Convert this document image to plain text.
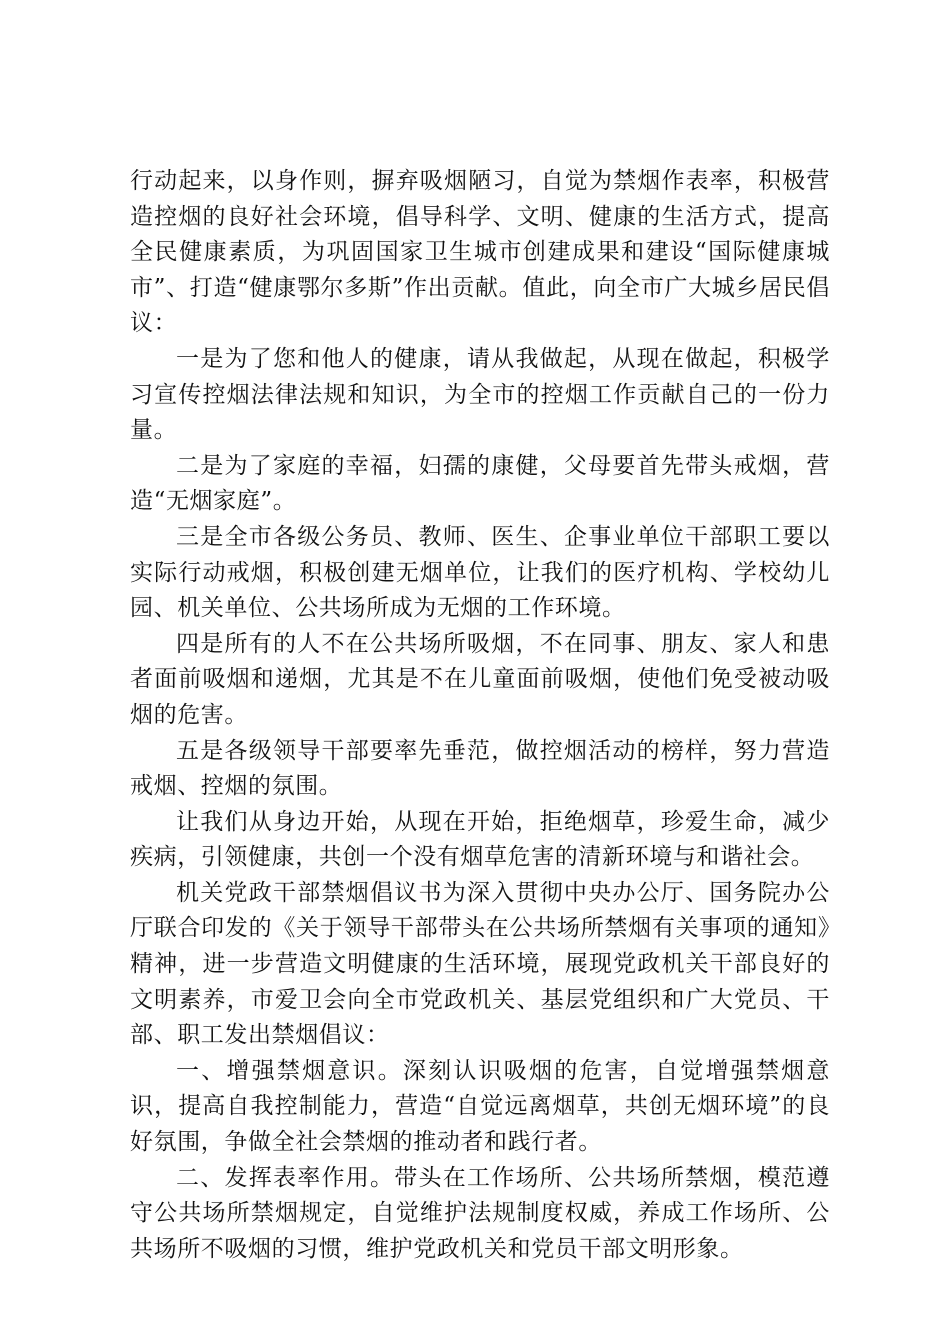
行动起来，以身作则，摒弃吸烟陋习，自觉为禁烟作表率，积极营造控烟的良好社会环境，倡导科学、文明、健康的生活方式，提高全民健康素质，为巩固国家卫生城市创建成果和建设“国际健康城市”、打造“健康鄂尔多斯”作出贡献。值此，向全市广大城乡居民倡议：

一是为了您和他人的健康，请从我做起，从现在做起，积极学习宣传控烟法律法规和知识，为全市的控烟工作贡献自己的一份力量。

二是为了家庭的幸福，妇孺的康健，父母要首先带头戒烟，营造“无烟家庭”。

三是全市各级公务员、教师、医生、企事业单位干部职工要以实际行动戒烟，积极创建无烟单位，让我们的医疗机构、学校幼儿园、机关单位、公共场所成为无烟的工作环境。

四是所有的人不在公共场所吸烟，不在同事、朋友、家人和患者面前吸烟和递烟，尤其是不在儿童面前吸烟，使他们免受被动吸烟的危害。

五是各级领导干部要率先垂范，做控烟活动的榜样，努力营造戒烟、控烟的氛围。

让我们从身边开始，从现在开始，拒绝烟草，珍爱生命，减少疾病，引领健康，共创一个没有烟草危害的清新环境与和谐社会。

机关党政干部禁烟倡议书为深入贯彻中央办公厅、国务院办公厅联合印发的《关于领导干部带头在公共场所禁烟有关事项的通知》精神，进一步营造文明健康的生活环境，展现党政机关干部良好的文明素养，市爱卫会向全市党政机关、基层党组织和广大党员、干部、职工发出禁烟倡议：

一、增强禁烟意识。深刻认识吸烟的危害，自觉增强禁烟意识，提高自我控制能力，营造“自觉远离烟草，共创无烟环境”的良好氛围，争做全社会禁烟的推动者和践行者。

二、发挥表率作用。带头在工作场所、公共场所禁烟，模范遵守公共场所禁烟规定，自觉维护法规制度权威，养成工作场所、公共场所不吸烟的习惯，维护党政机关和党员干部文明形象。
